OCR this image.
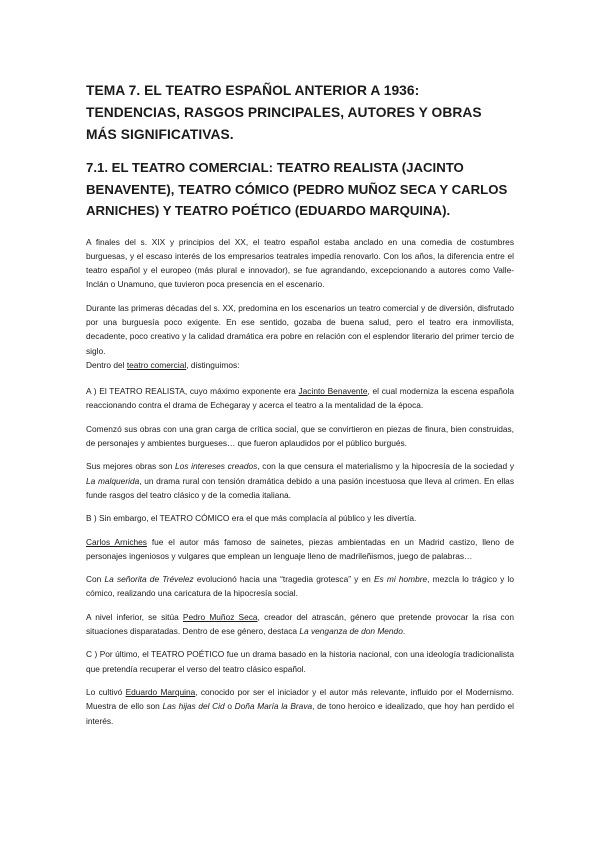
TEMA 7. EL TEATRO ESPAÑOL ANTERIOR A 1936: TENDENCIAS, RASGOS PRINCIPALES, AUTORES Y OBRAS MÁS SIGNIFICATIVAS.
7.1. EL TEATRO COMERCIAL: TEATRO REALISTA (JACINTO BENAVENTE), TEATRO CÓMICO (PEDRO MUÑOZ SECA Y CARLOS ARNICHES) Y TEATRO POÉTICO (EDUARDO MARQUINA).

A finales del s. XIX y principios del XX, el teatro español estaba anclado en una comedia de costumbres burguesas, y el escaso interés de los empresarios teatrales impedía renovarlo. Con los años, la diferencia entre el teatro español y el europeo (más plural e innovador), se fue agrandando, excepcionando a autores como Valle-Inclán o Unamuno, que tuvieron poca presencia en el escenario.

Durante las primeras décadas del s. XX, predomina en los escenarios un teatro comercial y de diversión, disfrutado por una burguesía poco exigente. En ese sentido, gozaba de buena salud, pero el teatro era inmovilista, decadente, poco creativo y la calidad dramática era pobre en relación con el esplendor literario del primer tercio de siglo.

Dentro del teatro comercial, distinguimos:

A ) El TEATRO REALISTA, cuyo máximo exponente era Jacinto Benavente, el cual moderniza la escena española reaccionando contra el drama de Echegaray y acerca el teatro a la mentalidad de la época.

Comenzó sus obras con una gran carga de crítica social, que se convirtieron en piezas de finura, bien construidas, de personajes y ambientes burgueses… que fueron aplaudidos por el público burgués.

Sus mejores obras son Los intereses creados, con la que censura el materialismo y la hipocresía de la sociedad y La malquerida, un drama rural con tensión dramática debido a una pasión incestuosa que lleva al crimen. En ellas funde rasgos del teatro clásico y de la comedia italiana.

B ) Sin embargo, el TEATRO CÓMICO era el que más complacía al público y les divertía.

Carlos Arniches fue el autor más famoso de sainetes, piezas ambientadas en un Madrid castizo, lleno de personajes ingeniosos y vulgares que emplean un lenguaje lleno de madrileñismos, juego de palabras…

Con La señorita de Trévelez evolucionó hacia una “tragedia grotesca” y en Es mi hombre, mezcla lo trágico y lo cómico, realizando una caricatura de la hipocresía social.

A nivel inferior, se sitúa Pedro Muñoz Seca, creador del atrascán, género que pretende provocar la risa con situaciones disparatadas. Dentro de ese género, destaca La venganza de don Mendo.

C ) Por último, el TEATRO POÉTICO fue un drama basado en la historia nacional, con una ideología tradicionalista que pretendía recuperar el verso del teatro clásico español.

Lo cultivó Eduardo Marquina, conocido por ser el iniciador y el autor más relevante, influido por el Modernismo. Muestra de ello son Las hijas del Cid o Doña María la Brava, de tono heroico e idealizado, que hoy han perdido el interés.
